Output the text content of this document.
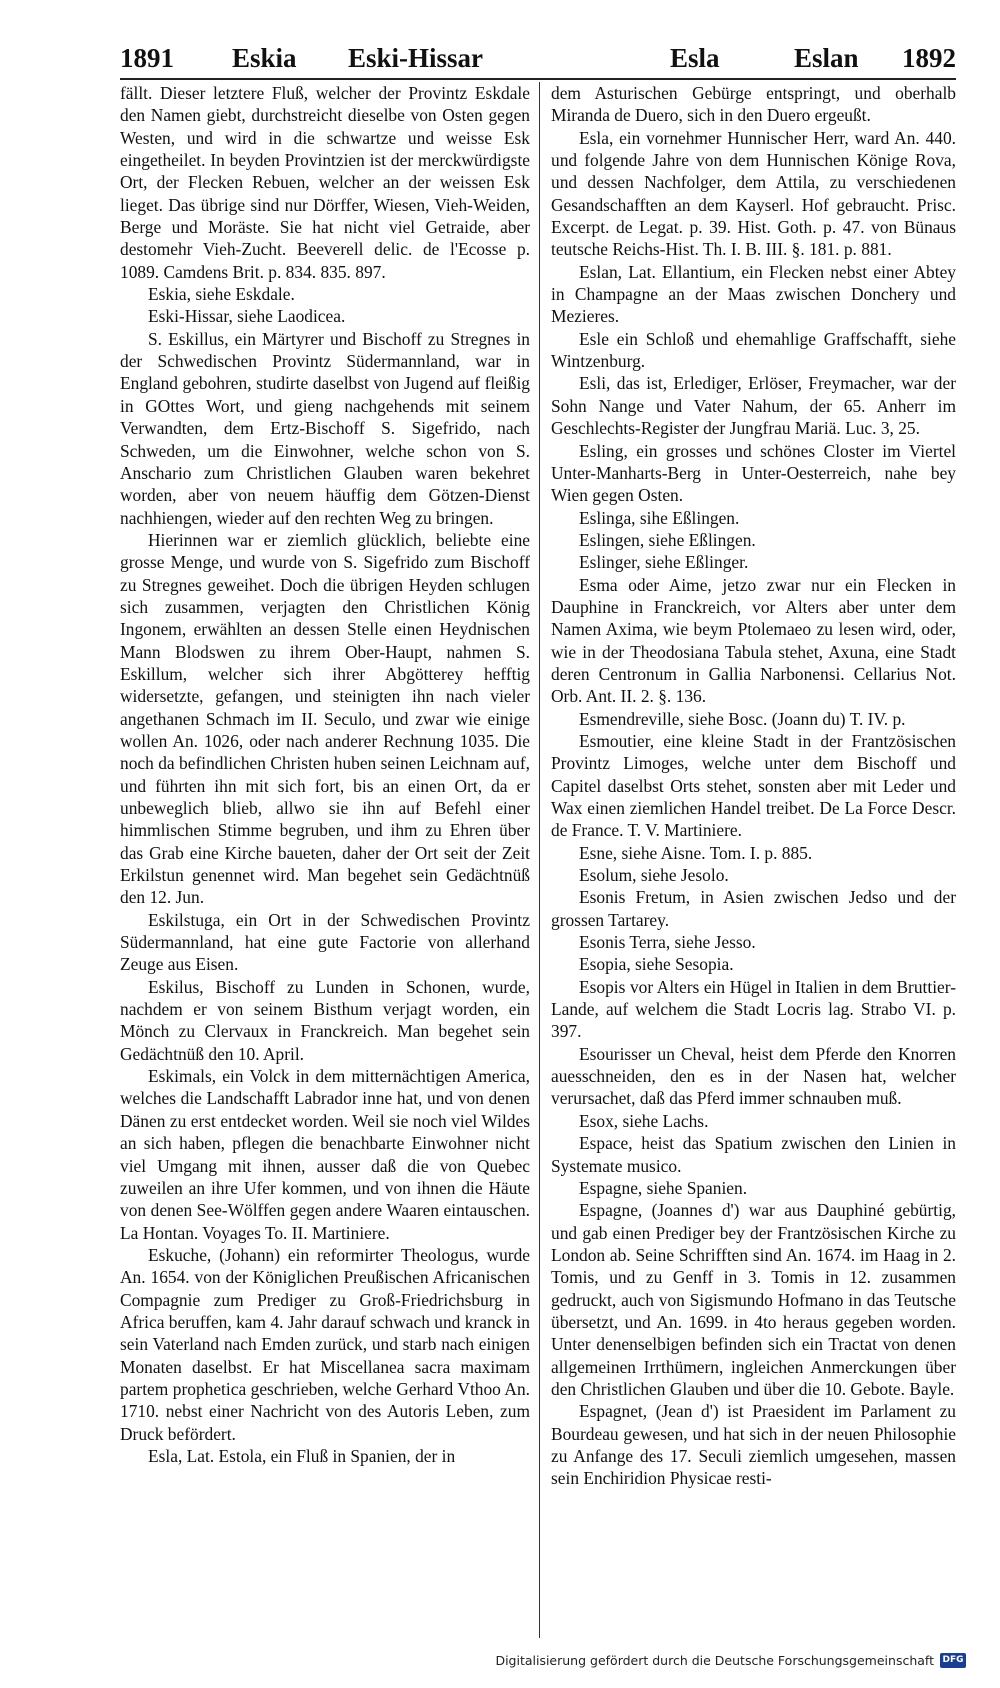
1891 Eskia Eski-Hissar	Esla	Eslan 1892

fällt. Dieser letztere Fluß, welcher der Provintz Eskdale den Namen giebt, durchstreicht dieselbe von Osten gegen Westen, und wird in die schwartze und weisse Esk eingetheilet. In beyden Provintzien ist der merckwürdigste Ort, der Flecken Rebuen, welcher an der weissen Esk lieget. Das übrige sind nur Dörffer, Wiesen, Vieh-Weiden, Berge und Moräste. Sie hat nicht viel Getraide, aber destomehr Vieh-Zucht. Beeverell delic. de l'Ecosse p. 1089. Camdens Brit. p. 834. 835. 897.

Eskia, siehe Eskdale.

Eski-Hissar, siehe Laodicea.

S. Eskillus, ein Märtyrer und Bischoff zu Stregnes in der Schwedischen Provintz Südermannland, war in England gebohren, studirte daselbst von Jugend auf fleißig in GOttes Wort, und gieng nachgehends mit seinem Verwandten, dem Ertz-Bischoff S. Sigefrido, nach Schweden, um die Einwohner, welche schon von S. Anschario zum Christlichen Glauben waren bekehret worden, aber von neuem häuffig dem Götzen-Dienst nachhiengen, wieder auf den rechten Weg zu bringen.

Hierinnen war er ziemlich glücklich, beliebte eine grosse Menge, und wurde von S. Sigefrido zum Bischoff zu Stregnes geweihet. Doch die übrigen Heyden schlugen sich zusammen, verjagten den Christlichen König Ingonem, erwählten an dessen Stelle einen Heydnischen Mann Blodswen zu ihrem Ober-Haupt, nahmen S. Eskillum, welcher sich ihrer Abgötterey hefftig widersetzte, gefangen, und steinigten ihn nach vieler angethanen Schmach im II. Seculo, und zwar wie einige wollen An. 1026, oder nach anderer Rechnung 1035. Die noch da befindlichen Christen huben seinen Leichnam auf, und führten ihn mit sich fort, bis an einen Ort, da er unbeweglich blieb, allwo sie ihn auf Befehl einer himmlischen Stimme begruben, und ihm zu Ehren über das Grab eine Kirche baueten, daher der Ort seit der Zeit Erkilstun genennet wird. Man begehet sein Gedächtnüß den 12. Jun.

Eskilstuga, ein Ort in der Schwedischen Provintz Südermannland, hat eine gute Factorie von allerhand Zeuge aus Eisen.

Eskilus, Bischoff zu Lunden in Schonen, wurde, nachdem er von seinem Bisthum verjagt worden, ein Mönch zu Clervaux in Franckreich. Man begehet sein Gedächtnüß den 10. April.

Eskimals, ein Volck in dem mitternächtigen America, welches die Landschafft Labrador inne hat, und von denen Dänen zu erst entdecket worden. Weil sie noch viel Wildes an sich haben, pflegen die benachbarte Einwohner nicht viel Umgang mit ihnen, ausser daß die von Quebec zuweilen an ihre Ufer kommen, und von ihnen die Häute von denen See-Wölffen gegen andere Waaren eintauschen. La Hontan. Voyages To. II. Martiniere.

Eskuche, (Johann) ein reformirter Theologus, wurde An. 1654. von der Königlichen Preußischen Africanischen Compagnie zum Prediger zu Groß-Friedrichsburg in Africa beruffen, kam 4. Jahr darauf schwach und kranck in sein Vaterland nach Emden zurück, und starb nach einigen Monaten daselbst. Er hat Miscellanea sacra maximam partem prophetica geschrieben, welche Gerhard Vthoo An. 1710. nebst einer Nachricht von des Autoris Leben, zum Druck befördert.

Esla, Lat. Estola, ein Fluß in Spanien, der in

dem Asturischen Gebürge entspringt, und oberhalb Miranda de Duero, sich in den Duero ergeußt.

Esla, ein vornehmer Hunnischer Herr, ward An. 440. und folgende Jahre von dem Hunnischen Könige Rova, und dessen Nachfolger, dem Attila, zu verschiedenen Gesandschafften an dem Kayserl. Hof gebraucht. Prisc. Excerpt. de Legat. p. 39. Hist. Goth. p. 47. von Bünaus teutsche Reichs-Hist. Th. I. B. III. §. 181. p. 881.

Eslan, Lat. Ellantium, ein Flecken nebst einer Abtey in Champagne an der Maas zwischen Donchery und Mezieres.

Esle ein Schloß und ehemahlige Graffschafft, siehe Wintzenburg.

Esli, das ist, Erlediger, Erlöser, Freymacher, war der Sohn Nange und Vater Nahum, der 65. Anherr im Geschlechts-Register der Jungfrau Mariä. Luc. 3, 25.

Esling, ein grosses und schönes Closter im Viertel Unter-Manharts-Berg in Unter-Oesterreich, nahe bey Wien gegen Osten.

Eslinga, sihe Eßlingen.

Eslingen, siehe Eßlingen.

Eslinger, siehe Eßlinger.

Esma oder Aime, jetzo zwar nur ein Flecken in Dauphine in Franckreich, vor Alters aber unter dem Namen Axima, wie beym Ptolemaeo zu lesen wird, oder, wie in der Theodosiana Tabula stehet, Axuna, eine Stadt deren Centronum in Gallia Narbonensi. Cellarius Not. Orb. Ant. II. 2. §. 136.

Esmendreville, siehe Bosc. (Joann du) T. IV. p.

Esmoutier, eine kleine Stadt in der Frantzösischen Provintz Limoges, welche unter dem Bischoff und Capitel daselbst Orts stehet, sonsten aber mit Leder und Wax einen ziemlichen Handel treibet. De La Force Descr. de France. T. V. Martiniere.

Esne, siehe Aisne. Tom. I. p. 885.

Esolum, siehe Jesolo.

Esonis Fretum, in Asien zwischen Jedso und der grossen Tartarey.

Esonis Terra, siehe Jesso.

Esopia, siehe Sesopia.

Esopis vor Alters ein Hügel in Italien in dem Bruttier-Lande, auf welchem die Stadt Locris lag. Strabo VI. p. 397.

Esourisser un Cheval, heist dem Pferde den Knorren auesschneiden, den es in der Nasen hat, welcher verursachet, daß das Pferd immer schnauben muß.

Esox, siehe Lachs.

Espace, heist das Spatium zwischen den Linien in Systemate musico.

Espagne, siehe Spanien.

Espagne, (Joannes d') war aus Dauphiné gebürtig, und gab einen Prediger bey der Frantzösischen Kirche zu London ab. Seine Schrifften sind An. 1674. im Haag in 2. Tomis, und zu Genff in 3. Tomis in 12. zusammen gedruckt, auch von Sigismundo Hofmano in das Teutsche übersetzt, und An. 1699. in 4to heraus gegeben worden. Unter denenselbigen befinden sich ein Tractat von denen allgemeinen Irrthümern, ingleichen Anmerckungen über den Christlichen Glauben und über die 10. Gebote. Bayle.

Espagnet, (Jean d') ist Praesident im Parlament zu Bourdeau gewesen, und hat sich in der neuen Philosophie zu Anfange des 17. Seculi ziemlich umgesehen, massen sein Enchiridion Physicae resti-

Digitalisierung gefördert durch die Deutsche Forschungsgemeinschaft DFG
